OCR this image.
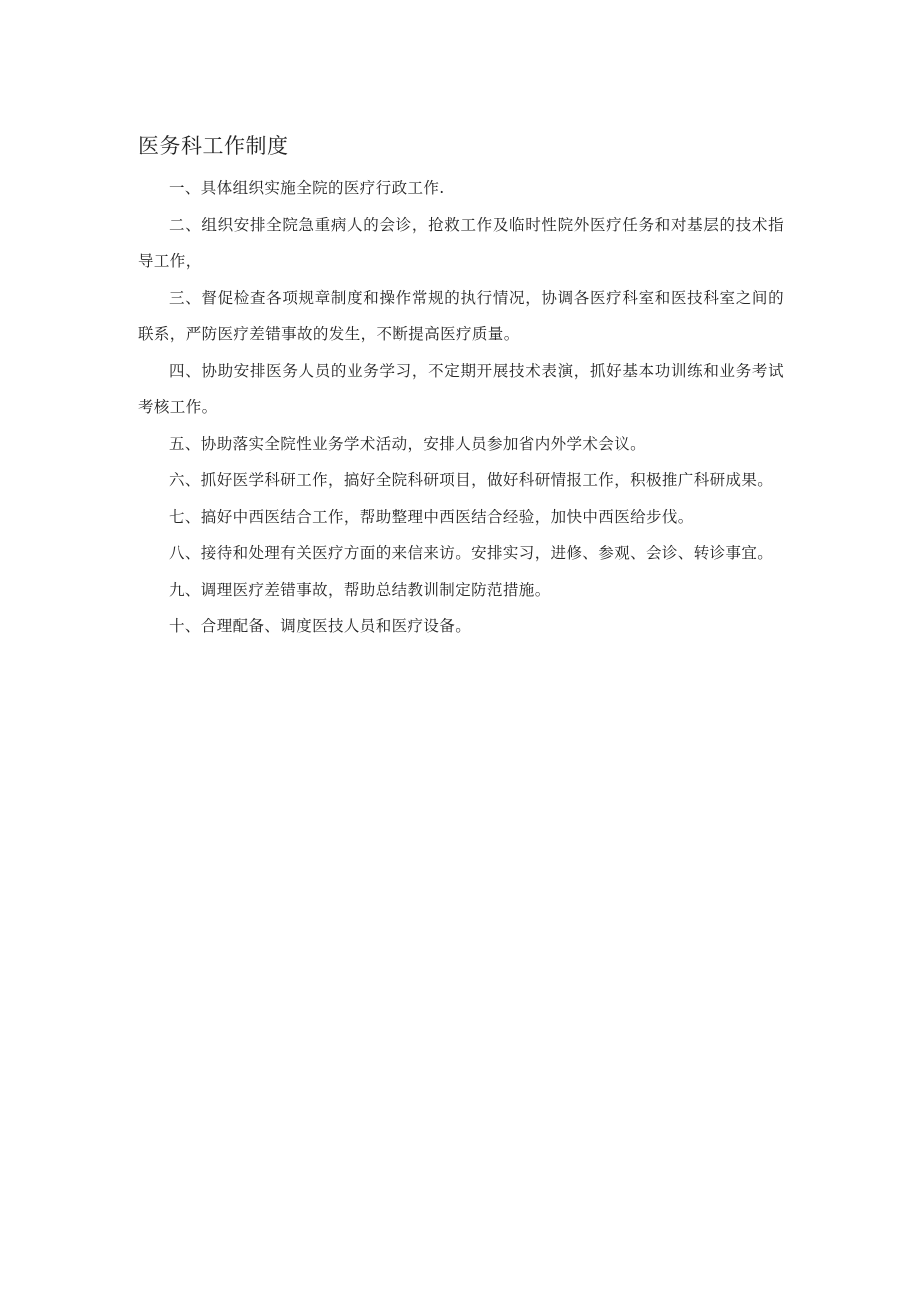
医务科工作制度
一、具体组织实施全院的医疗行政工作.
二、组织安排全院急重病人的会诊，抢救工作及临时性院外医疗任务和对基层的技术指导工作，
三、督促检查各项规章制度和操作常规的执行情况，协调各医疗科室和医技科室之间的联系，严防医疗差错事故的发生，不断提高医疗质量。
四、协助安排医务人员的业务学习，不定期开展技术表演，抓好基本功训练和业务考试考核工作。
五、协助落实全院性业务学术活动，安排人员参加省内外学术会议。
六、抓好医学科研工作，搞好全院科研项目，做好科研情报工作，积极推广科研成果。
七、搞好中西医结合工作，帮助整理中西医结合经验，加快中西医给步伐。
八、接待和处理有关医疗方面的来信来访。安排实习，进修、参观、会诊、转诊事宜。
九、调理医疗差错事故，帮助总结教训制定防范措施。
十、合理配备、调度医技人员和医疗设备。
